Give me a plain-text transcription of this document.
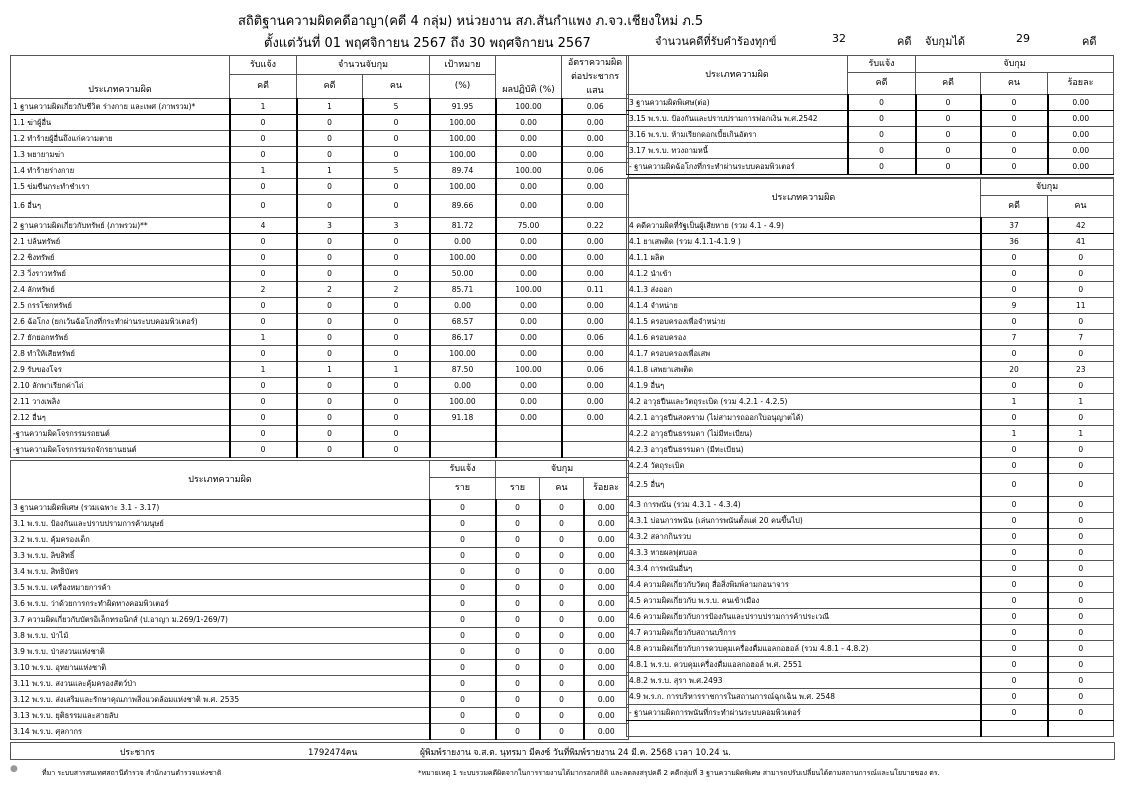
สถิติฐานความผิดคดีอาญา(คดี 4 กลุ่ม) หน่วยงาน สภ.สันกำแพง ภ.จว.เชียงใหม่ ภ.5
ตั้งแต่วันที่ 01 พฤศจิกายน 2567 ถึง 30 พฤศจิกายน 2567	จำนวนคดีที่รับคำร้องทุกข์	32	คดี จับกุมได้	29	คดี
ประเภทความผิด	รับแจ้ง	จำนวนจับกุม		เป้าหมาย	ผลปฏิบัติ (%)	อัตราความผิดต่อประชากรแสน
	คดี	คดี	คน	(%)		
1 ฐานความผิดเกี่ยวกับชีวิต ร่างกาย และเพศ (ภาพรวม)*	1	1	5	91.95	100.00	0.06
1.1 ฆ่าผู้อื่น	0	0	0	100.00	0.00	0.00
1.2 ทำร้ายผู้อื่นถึงแก่ความตาย	0	0	0	100.00	0.00	0.00
1.3 พยายามฆ่า	0	0	0	100.00	0.00	0.00
1.4 ทำร้ายร่างกาย	1	1	5	89.74	100.00	0.06
1.5 ข่มขืนกระทำชำเรา	0	0	0	100.00	0.00	0.00
1.6 อื่นๆ	0	0	0	89.66	0.00	0.00
2 ฐานความผิดเกี่ยวกับทรัพย์ (ภาพรวม)**	4	3	3	81.72	75.00	0.22
2.1 ปล้นทรัพย์	0	0	0	0.00	0.00	0.00
2.2 ชิงทรัพย์	0	0	0	100.00	0.00	0.00
2.3 วิ่งราวทรัพย์	0	0	0	50.00	0.00	0.00
2.4 ลักทรัพย์	2	2	2	85.71	100.00	0.11
2.5 กรรโชกทรัพย์	0	0	0	0.00	0.00	0.00
2.6 ฉ้อโกง (ยกเว้นฉ้อโกงที่กระทำผ่านระบบคอมพิวเตอร์)	0	0	0	68.57	0.00	0.00
2.7 ยักยอกทรัพย์	1	0	0	86.17	0.00	0.06
2.8 ทำให้เสียทรัพย์	0	0	0	100.00	0.00	0.00
2.9 รับของโจร	1	1	1	87.50	100.00	0.06
2.10 ลักพาเรียกค่าไถ่	0	0	0	0.00	0.00	0.00
2.11 วางเพลิง	0	0	0	100.00	0.00	0.00
2.12 อื่นๆ	0	0	0	91.18	0.00	0.00
-ฐานความผิดโจรกรรมรถยนต์	0	0	0			
-ฐานความผิดโจรกรรมรถจักรยานยนต์	0	0	0			
ประเภทความผิด	รับแจ้ง	จับกุม		
	ราย	ราย	คน	ร้อยละ
3 ฐานความผิดพิเศษ (รวมเฉพาะ 3.1 - 3.17)	0	0	0	0.00
3.1 พ.ร.บ. ป้องกันและปราบปรามการค้ามนุษย์	0	0	0	0.00
3.2 พ.ร.บ. คุ้มครองเด็ก	0	0	0	0.00
3.3 พ.ร.บ. ลิขสิทธิ์	0	0	0	0.00
3.4 พ.ร.บ. สิทธิบัตร	0	0	0	0.00
3.5 พ.ร.บ. เครื่องหมายการค้า	0	0	0	0.00
3.6 พ.ร.บ. ว่าด้วยการกระทำผิดทางคอมพิวเตอร์	0	0	0	0.00
3.7 ความผิดเกี่ยวกับบัตรอิเล็กทรอนิกส์ (ป.อาญา ม.269/1-269/7)	0	0	0	0.00
3.8 พ.ร.บ. ป่าไม้	0	0	0	0.00
3.9 พ.ร.บ. ป่าสงวนแห่งชาติ	0	0	0	0.00
3.10 พ.ร.บ. อุทยานแห่งชาติ	0	0	0	0.00
3.11 พ.ร.บ. สงวนและคุ้มครองสัตว์ป่า	0	0	0	0.00
3.12 พ.ร.บ. ส่งเสริมและรักษาคุณภาพสิ่งแวดล้อมแห่งชาติ พ.ศ. 2535	0	0	0	0.00
3.13 พ.ร.บ. ยุติธรรมและสายลับ	0	0	0	0.00
3.14 พ.ร.บ. ศุลกากร	0	0	0	0.00
ประเภทความผิด	รับแจ้ง	จับกุม		
	คดี	คดี	คน	ร้อยละ
3 ฐานความผิดพิเศษ(ต่อ)	0	0	0	0.00
3.15 พ.ร.บ. ป้องกันและปราบปรามการฟอกเงิน พ.ศ.2542	0	0	0	0.00
3.16 พ.ร.บ. ห้ามเรียกดอกเบี้ยเกินอัตรา	0	0	0	0.00
3.17 พ.ร.บ. ทวงถามหนี้	0	0	0	0.00
- ฐานความผิดฉ้อโกงที่กระทำผ่านระบบคอมพิวเตอร์	0	0	0	0.00

ประเภทความผิด	จับกุม	
	คดี	คน
4 คดีความผิดที่รัฐเป็นผู้เสียหาย (รวม 4.1 - 4.9)	37	42
4.1 ยาเสพติด (รวม 4.1.1-4.1.9 )	36	41
4.1.1 ผลิต	0	0
4.1.2 นำเข้า	0	0
4.1.3 ส่งออก	0	0
4.1.4 จำหน่าย	9	11
4.1.5 ครอบครองเพื่อจำหน่าย	0	0
4.1.6 ครอบครอง	7	7
4.1.7 ครอบครองเพื่อเสพ	0	0
4.1.8 เสพยาเสพติด	20	23
4.1.9 อื่นๆ	0	0
4.2 อาวุธปืนและวัตถุระเบิด (รวม 4.2.1 - 4.2.5)	1	1
4.2.1 อาวุธปืนสงคราม (ไม่สามารถออกใบอนุญาตได้)	0	0
4.2.2 อาวุธปืนธรรมดา (ไม่มีทะเบียน)	1	1
4.2.3 อาวุธปืนธรรมดา (มีทะเบียน)	0	0
4.2.4 วัตถุระเบิด	0	0
4.2.5 อื่นๆ	0	0
4.3 การพนัน (รวม 4.3.1 - 4.3.4)	0	0
4.3.1 บ่อนการพนัน (เล่นการพนันตั้งแต่ 20 คนขึ้นไป)	0	0
4.3.2 สลากกินรวบ	0	0
4.3.3 ทายผลฟุตบอล	0	0
4.3.4 การพนันอื่นๆ	0	0
4.4 ความผิดเกี่ยวกับวัตถุ สื่อสิ่งพิมพ์ลามกอนาจาร	0	0
4.5 ความผิดเกี่ยวกับ พ.ร.บ. คนเข้าเมือง	0	0
4.6 ความผิดเกี่ยวกับการป้องกันและปราบปรามการค้าประเวณี	0	0
4.7 ความผิดเกี่ยวกับสถานบริการ	0	0
4.8 ความผิดเกี่ยวกับการควบคุมเครื่องดื่มแอลกอฮอล์ (รวม 4.8.1 - 4.8.2)	0	0
4.8.1 พ.ร.บ. ควบคุมเครื่องดื่มแอลกอฮอล์ พ.ศ. 2551	0	0
4.8.2 พ.ร.บ. สุรา พ.ศ.2493	0	0
4.9 พ.ร.ก. การบริหารราชการในสถานการณ์ฉุกเฉิน พ.ศ. 2548	0	0
- ฐานความผิดการพนันที่กระทำผ่านระบบคอมพิวเตอร์	0	0

ประชากร	1792474คน	ผู้พิมพ์รายงาน จ.ส.ต. นุทรมา มีคงซ์ วันที่พิมพ์รายงาน 24 มี.ค. 2568 เวลา 10.24 น.
●	ที่มา ระบบสารสนเทศสถานีตำรวจ สำนักงานตำรวจแห่งชาติ	*หมายเหตุ 1 ระบบรวมคดีผิดจากในการรายงานได้มากรอกสถิติ และลดลงสรุปคดี 2 คดีกลุ่มที่ 3 ฐานความผิดพิเศษ สามารถปรับเปลี่ยนได้ตามสถานการณ์และนโยบายของ ตร.
